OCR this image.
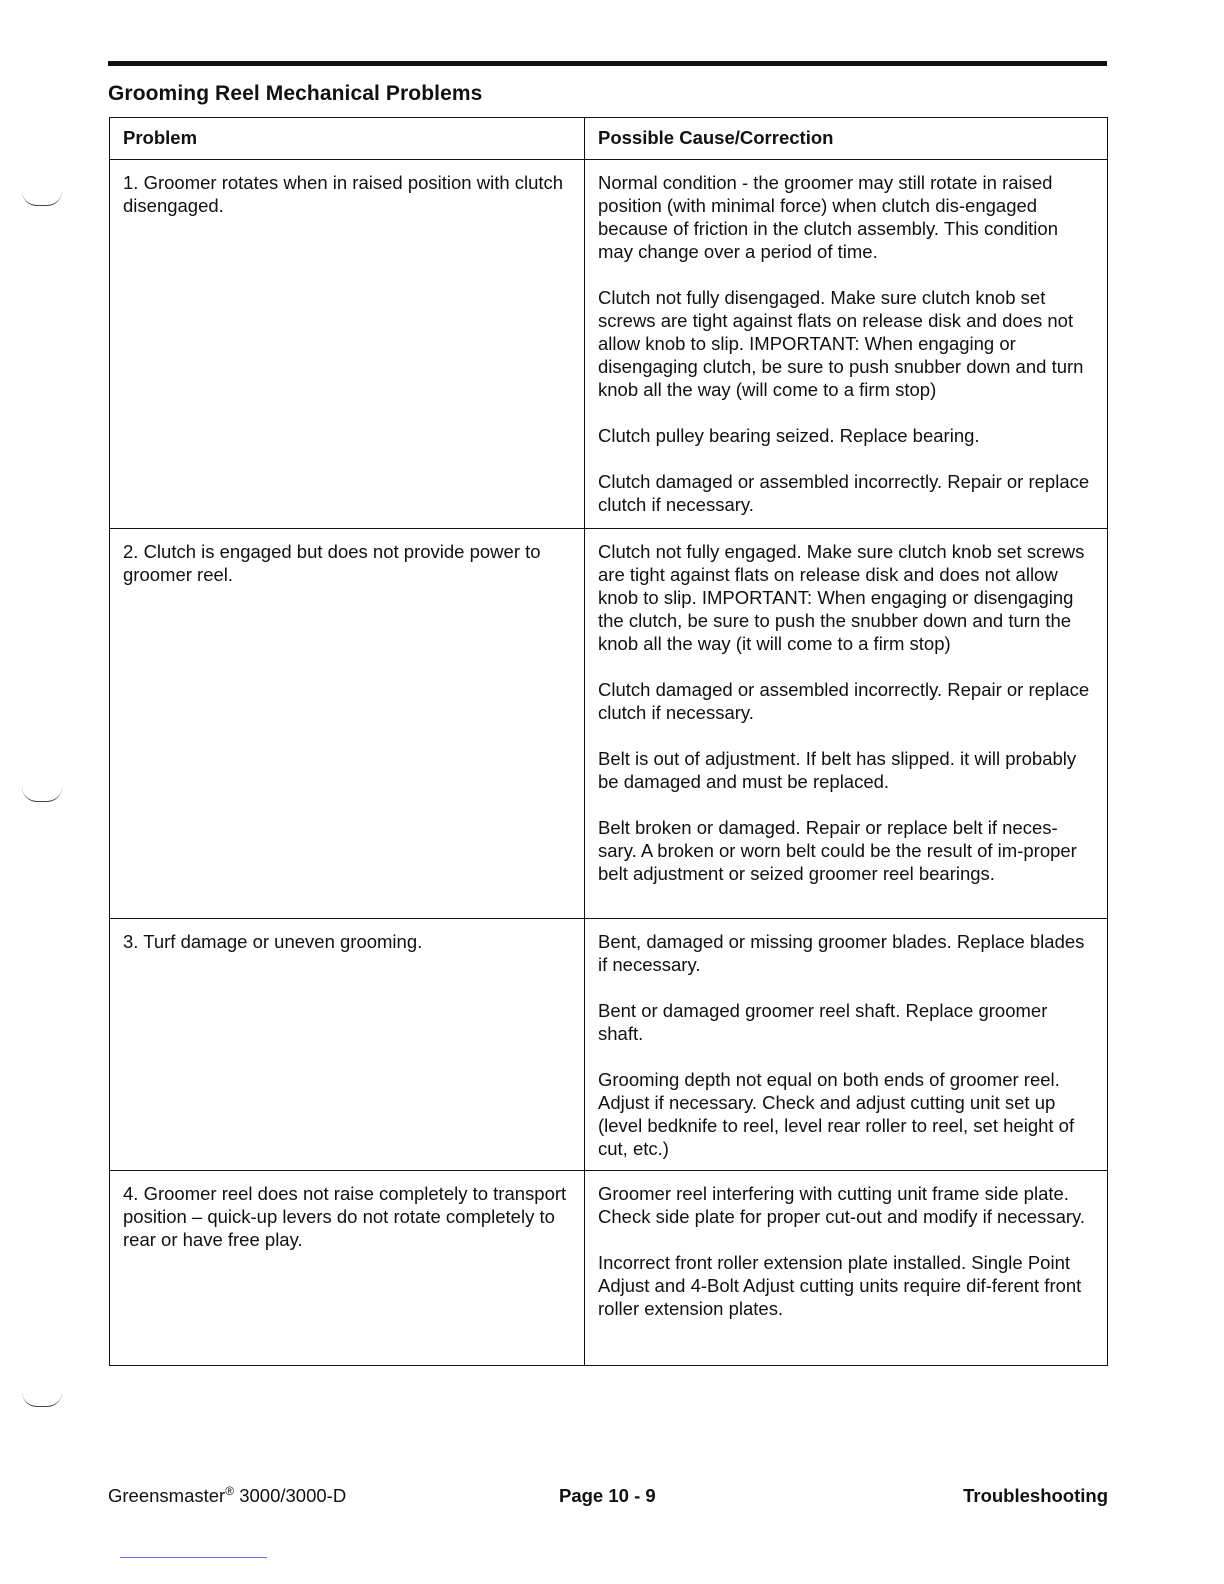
Grooming Reel Mechanical Problems
Problem	Possible Cause/Correction
1. Groomer rotates when in raised position with clutch disengaged.	Normal condition - the groomer may still rotate in raised position (with minimal force) when clutch dis-engaged because of friction in the clutch assembly. This condition may change over a period of time.

Clutch not fully disengaged. Make sure clutch knob set screws are tight against flats on release disk and does not allow knob to slip. IMPORTANT: When engaging or disengaging clutch, be sure to push snubber down and turn knob all the way (will come to a firm stop)

Clutch pulley bearing seized. Replace bearing.

Clutch damaged or assembled incorrectly. Repair or replace clutch if necessary.

2. Clutch is engaged but does not provide power to groomer reel.	Clutch not fully engaged. Make sure clutch knob set screws are tight against flats on release disk and does not allow knob to slip. IMPORTANT: When engaging or disengaging the clutch, be sure to push the snubber down and turn the knob all the way (it will come to a firm stop)

Clutch damaged or assembled incorrectly. Repair or replace clutch if necessary.

Belt is out of adjustment. If belt has slipped. it will probably be damaged and must be replaced.

Belt broken or damaged. Repair or replace belt if neces-sary. A broken or worn belt could be the result of im-proper belt adjustment or seized groomer reel bearings.

3. Turf damage or uneven grooming.	Bent, damaged or missing groomer blades. Replace blades if necessary.

Bent or damaged groomer reel shaft. Replace groomer shaft.

Grooming depth not equal on both ends of groomer reel. Adjust if necessary. Check and adjust cutting unit set up (level bedknife to reel, level rear roller to reel, set height of cut, etc.)

4. Groomer reel does not raise completely to transport position – quick-up levers do not rotate completely to rear or have free play.	Groomer reel interfering with cutting unit frame side plate. Check side plate for proper cut-out and modify if necessary.

Incorrect front roller extension plate installed. Single Point Adjust and 4-Bolt Adjust cutting units require dif-ferent front roller extension plates.

Greensmaster® 3000/3000-D	Page 10 - 9	Troubleshooting
